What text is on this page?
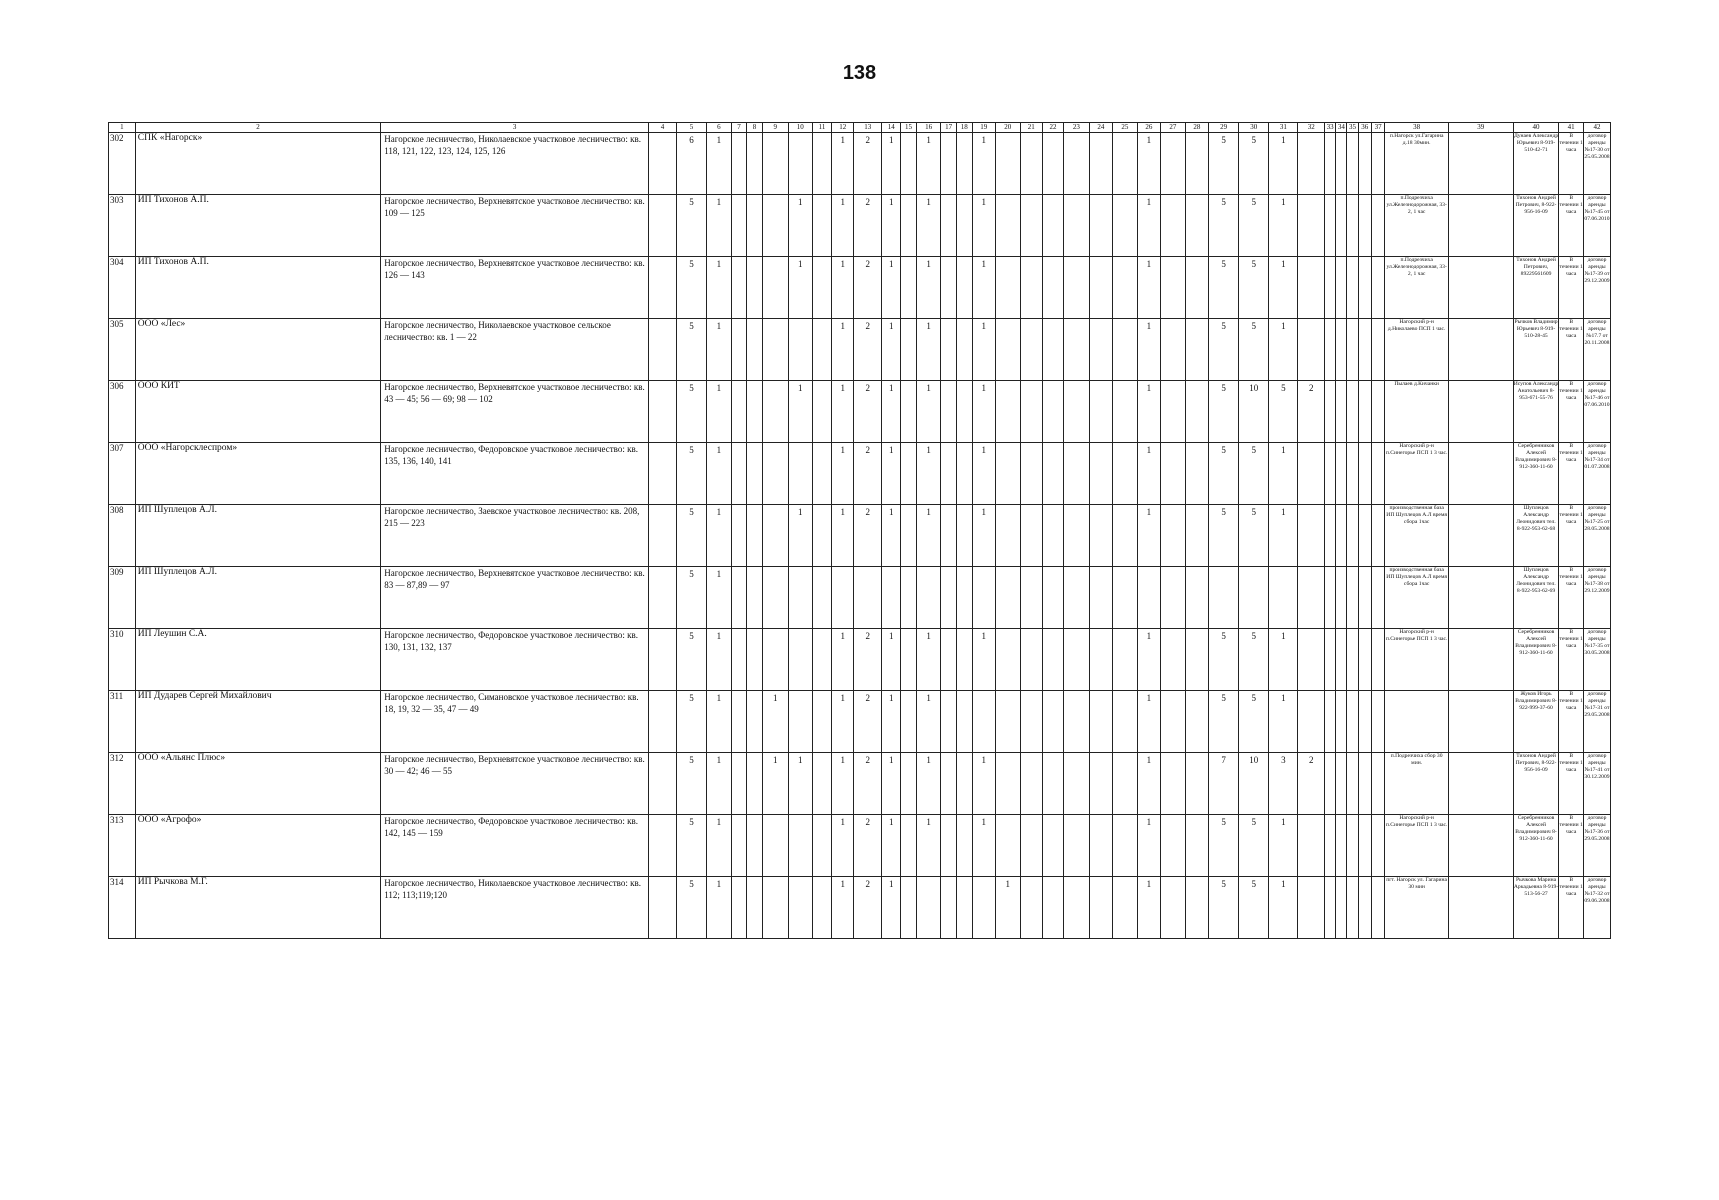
138
1	2	3	4	5	6	7	8	9	10	11	12	13	14	15	16	17	18	19	20	21	22	23	24	25	26	27	28	29	30	31	32	33	34	35	36	37	38	39	40	41	42
302	СПК «Нагорск»	Нагорское лесничество, Николаевское участковое лесничество: кв. 118, 121, 122, 123, 124, 125, 126		6	1						1	2	1		1			1							1			5	5	1							п.Нагорск ул.Гагарина д.18 30мин.		Дунаев Александр Юрьевич 8-919-510-42-71	В течении 1 часа	договор аренды №17-30 от 25.05.2008
303	ИП Тихонов А.П.	Нагорское лесничество, Верхневятское участковое лесничество: кв. 109 — 125		5	1				1		1	2	1		1			1							1			5	5	1							п.Подрезчиха ул.Железнодорожная, 33-2, 1 час		Тихонов Андрей Петрович, 8-922-956-16-09	В течении 1 часа	договор аренды №17-45 от 07.06.2010
304	ИП Тихонов А.П.	Нагорское лесничество, Верхневятское участковое лесничество: кв. 126 — 143		5	1				1		1	2	1		1			1							1			5	5	1							п.Подрезчиха ул.Железнодорожная, 33-2, 1 час		Тихонов Андрей Петрович, 89229561609	В течении 1 часа	договор аренды №17-39 от 29.12.2009
305	ООО «Лес»	Нагорское лесничество, Николаевское участковое сельское лесничество: кв. 1 — 22		5	1						1	2	1		1			1							1			5	5	1							Нагорский р-н д.Николаево ПСП 1 час.		Рычков Владимир Юрьевич 8-919-510-28-45	В течении 1 часа	договор аренды №17.7 от 20.11.2008
306	ООО КИТ	Нагорское лесничество, Верхневятское участковое лесничество: кв. 43 — 45; 56 — 69; 98 — 102		5	1				1		1	2	1		1			1							1			5	10	5	2						Пылаев д.Кичанки		Исупов Александр Анатольевич 8-953-671-55-76	В течении 1 часа	договор аренды №17-46 от 07.06.2010
307	ООО «Нагорсклеспром»	Нагорское лесничество, Федоровское участковое лесничество: кв. 135, 136, 140, 141		5	1						1	2	1		1			1							1			5	5	1							Нагорский р-н п.Синегорье ПСП 1 3 час.		Серебренников Алексей Владимирович 8-912-360-11-60	В течении 1 часа	договор аренды №17-34 от 01.07.2008
308	ИП Шуплецов А.Л.	Нагорское лесничество, Заевское участковое лесничество: кв. 208, 215 — 223		5	1				1		1	2	1		1			1							1			5	5	1							производственная база ИП Шуплецов А.Л время сбора 1час		Шуплецов Александр Леонидович тел. 8-922-953-62-68	В течении 1 часа	договор аренды №17-25 от 28.05.2008
309	ИП Шуплецов А.Л.	Нагорское лесничество, Верхневятское участковое лесничество: кв. 83 — 87,89 — 97		5	1																																производственная база ИП Шуплецов А.Л время сбора 1час		Шуплецов Александр Леонидович тел. 8-922-953-62-69	В течении 1 часа	договор аренды №17-38 от 29.12.2009
310	ИП Леушин С.А.	Нагорское лесничество, Федоровское участковое лесничество: кв. 130, 131, 132, 137		5	1						1	2	1		1			1							1			5	5	1							Нагорский р-н п.Синегорье ПСП 1 3 час.		Серебренников Алексей Владимирович 8-912-360-11-60	В течении 1 часа	договор аренды №17-35 от 30.05.2008
311	ИП Дударев Сергей Михайлович	Нагорское лесничество, Симановское участковое лесничество: кв. 18, 19, 32 — 35, 47 — 49		5	1			1			1	2	1		1										1			5	5	1									Жуков Игорь Владимирович 8-922-999-37-60	В течении 1 часа	договор аренды №17-31 от 29.05.2008
312	ООО «Альянс Плюс»	Нагорское лесничество, Верхневятское участковое лесничество: кв. 30 — 42; 46 — 55		5	1			1	1		1	2	1		1			1							1			7	10	3	2						п.Подрезчиха сбор 30 мин.		Тихонов Андрей Петрович, 8-922-956-16-09	В течении 1 часа	договор аренды №17-41 от 30.12.2009
313	ООО «Агрофо»	Нагорское лесничество, Федоровское участковое лесничество: кв. 142, 145 — 159		5	1						1	2	1		1			1							1			5	5	1							Нагорский р-н п.Синегорье ПСП 1 3 час.		Серебренников Алексей Владимирович 8-912-360-11-60	В течении 1 часа	договор аренды №17-36 от 29.05.2008
314	ИП Рычкова М.Г.	Нагорское лесничество, Николаевское участковое лесничество: кв. 112; 113;119;120		5	1						1	2	1						1						1			5	5	1							пгт. Нагорск ул. Гагарина 30 мин		Рычкова Марина Аркадьевна 8-919-513-56-27	В течении 1 часа	договор аренды №17-32 от 09.06.2008
